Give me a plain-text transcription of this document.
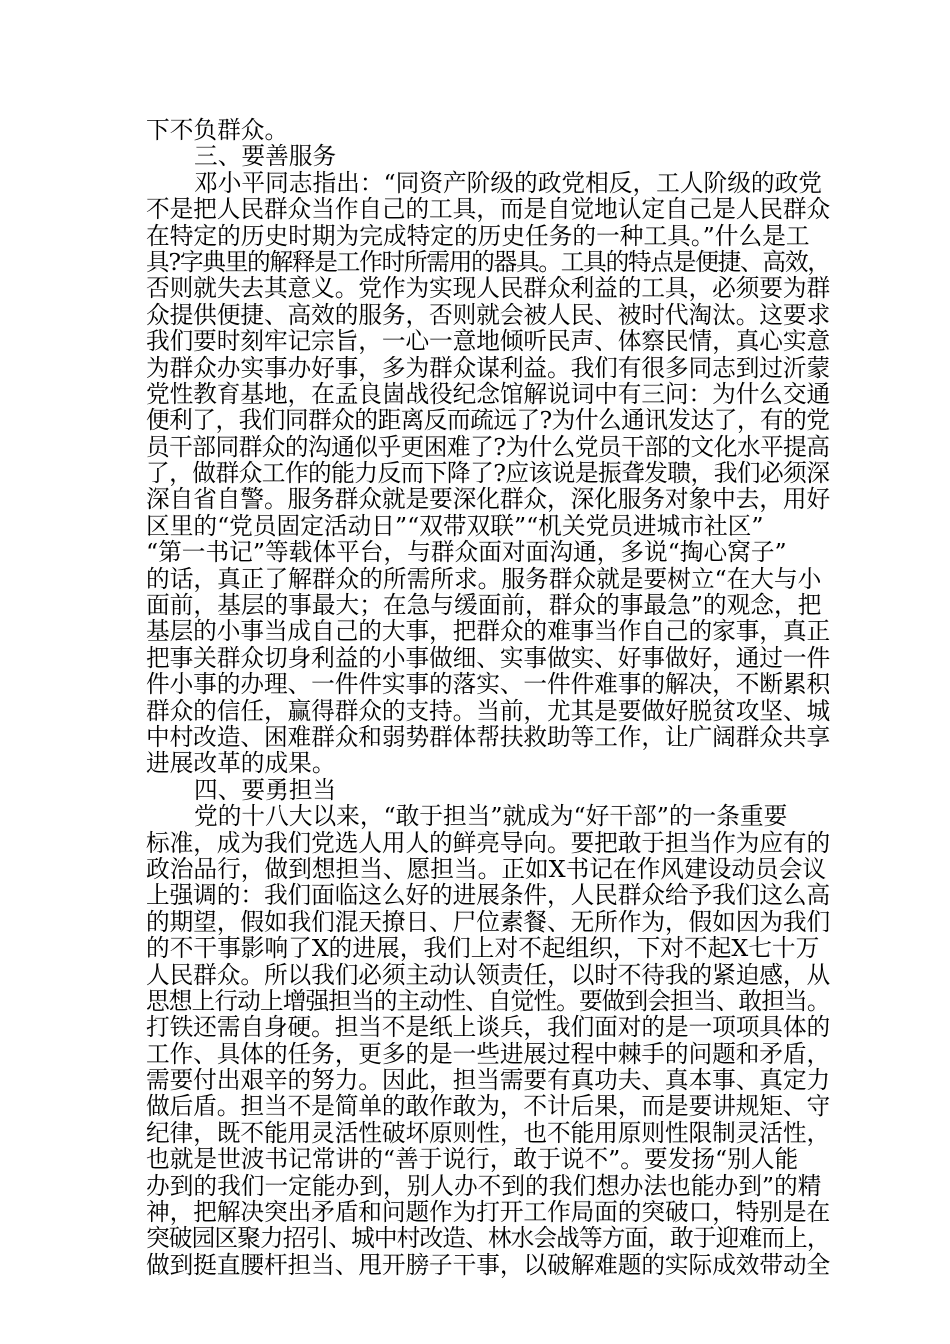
下不负群众。
三、要善服务
邓小平同志指出：“同资产阶级的政党相反，工人阶级的政党
不是把人民群众当作自己的工具，而是自觉地认定自己是人民群众
在特定的历史时期为完成特定的历史任务的一种工具。”什么是工
具?字典里的解释是工作时所需用的器具。工具的特点是便捷、高效，
否则就失去其意义。党作为实现人民群众利益的工具，必须要为群
众提供便捷、高效的服务，否则就会被人民、被时代淘汰。这要求
我们要时刻牢记宗旨，一心一意地倾听民声、体察民情，真心实意
为群众办实事办好事，多为群众谋利益。我们有很多同志到过沂蒙
党性教育基地，在孟良崮战役纪念馆解说词中有三问：为什么交通
便利了，我们同群众的距离反而疏远了?为什么通讯发达了，有的党
员干部同群众的沟通似乎更困难了?为什么党员干部的文化水平提高
了，做群众工作的能力反而下降了?应该说是振聋发聩，我们必须深
深自省自警。服务群众就是要深化群众，深化服务对象中去，用好
区里的“党员固定活动日”“双带双联”“机关党员进城市社区”
“第一书记”等载体平台，与群众面对面沟通，多说“掏心窝子”
的话，真正了解群众的所需所求。服务群众就是要树立“在大与小
面前，基层的事最大；在急与缓面前，群众的事最急”的观念，把
基层的小事当成自己的大事，把群众的难事当作自己的家事，真正
把事关群众切身利益的小事做细、实事做实、好事做好，通过一件
件小事的办理、一件件实事的落实、一件件难事的解决，不断累积
群众的信任，赢得群众的支持。当前，尤其是要做好脱贫攻坚、城
中村改造、困难群众和弱势群体帮扶救助等工作，让广阔群众共享
进展改革的成果。
四、要勇担当
党的十八大以来，“敢于担当”就成为“好干部”的一条重要
标准，成为我们党选人用人的鲜亮导向。要把敢于担当作为应有的
政治品行，做到想担当、愿担当。正如X书记在作风建设动员会议
上强调的：我们面临这么好的进展条件，人民群众给予我们这么高
的期望，假如我们混天撩日、尸位素餐、无所作为，假如因为我们
的不干事影响了X的进展，我们上对不起组织，下对不起X七十万
人民群众。所以我们必须主动认领责任，以时不待我的紧迫感，从
思想上行动上增强担当的主动性、自觉性。要做到会担当、敢担当。
打铁还需自身硬。担当不是纸上谈兵，我们面对的是一项项具体的
工作、具体的任务，更多的是一些进展过程中棘手的问题和矛盾，
需要付出艰辛的努力。因此，担当需要有真功夫、真本事、真定力
做后盾。担当不是简单的敢作敢为，不计后果，而是要讲规矩、守
纪律，既不能用灵活性破坏原则性，也不能用原则性限制灵活性，
也就是世波书记常讲的“善于说行，敢于说不”。要发扬“别人能
办到的我们一定能办到，别人办不到的我们想办法也能办到”的精
神，把解决突出矛盾和问题作为打开工作局面的突破口，特别是在
突破园区聚力招引、城中村改造、林水会战等方面，敢于迎难而上，
做到挺直腰杆担当、甩开膀子干事，以破解难题的实际成效带动全
